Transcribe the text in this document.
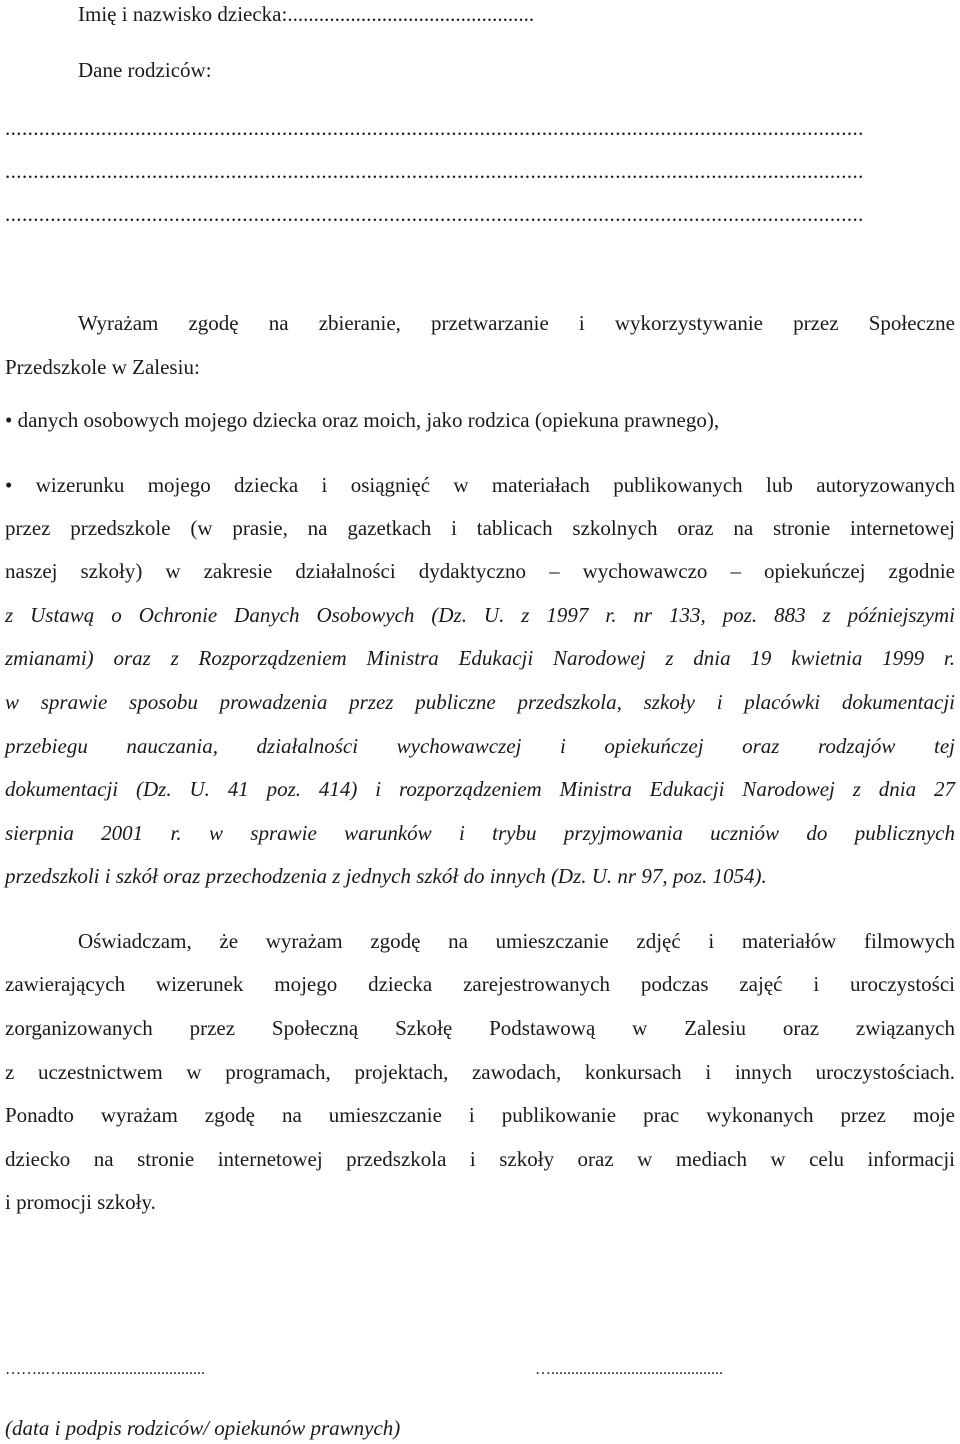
Imię i nazwisko dziecka:...............................................
Dane rodziców:
........................................................................................................................................................
........................................................................................................................................................
........................................................................................................................................................
Wyrażam zgodę na zbieranie, przetwarzanie i wykorzystywanie przez Społeczne
Przedszkole w Zalesiu:
• danych osobowych mojego dziecka oraz moich, jako rodzica (opiekuna prawnego),
• wizerunku mojego dziecka i osiągnięć w materiałach publikowanych lub autoryzowanych
przez przedszkole (w prasie, na gazetkach i tablicach szkolnych oraz na stronie internetowej
naszej szkoły) w zakresie działalności dydaktyczno – wychowawczo – opiekuńczej zgodnie
z Ustawą o Ochronie Danych Osobowych (Dz. U. z 1997 r. nr 133, poz. 883 z późniejszymi
zmianami) oraz z Rozporządzeniem Ministra Edukacji Narodowej z dnia 19 kwietnia 1999 r.
w sprawie sposobu prowadzenia przez publiczne przedszkola, szkoły i placówki dokumentacji
przebiegu nauczania, działalności wychowawczej i opiekuńczej oraz rodzajów tej
dokumentacji (Dz. U. 41 poz. 414) i rozporządzeniem Ministra Edukacji Narodowej z dnia 27
sierpnia 2001 r. w sprawie warunków i trybu przyjmowania uczniów do publicznych
przedszkoli i szkół oraz przechodzenia z jednych szkół do innych (Dz. U. nr 97, poz. 1054).
Oświadczam, że wyrażam zgodę na umieszczanie zdjęć i materiałów filmowych
zawierających wizerunek mojego dziecka zarejestrowanych podczas zajęć i uroczystości
zorganizowanych przez Społeczną Szkołę Podstawową w Zalesiu oraz związanych
z uczestnictwem w programach, projektach, zawodach, konkursach i innych uroczystościach.
Ponadto wyrażam zgodę na umieszczanie i publikowanie prac wykonanych przez moje
dziecko na stronie internetowej przedszkola i szkoły oraz w mediach w celu informacji
i promocji szkoły.
……..…....................................	…...........................................
(data i podpis rodziców/ opiekunów prawnych)
